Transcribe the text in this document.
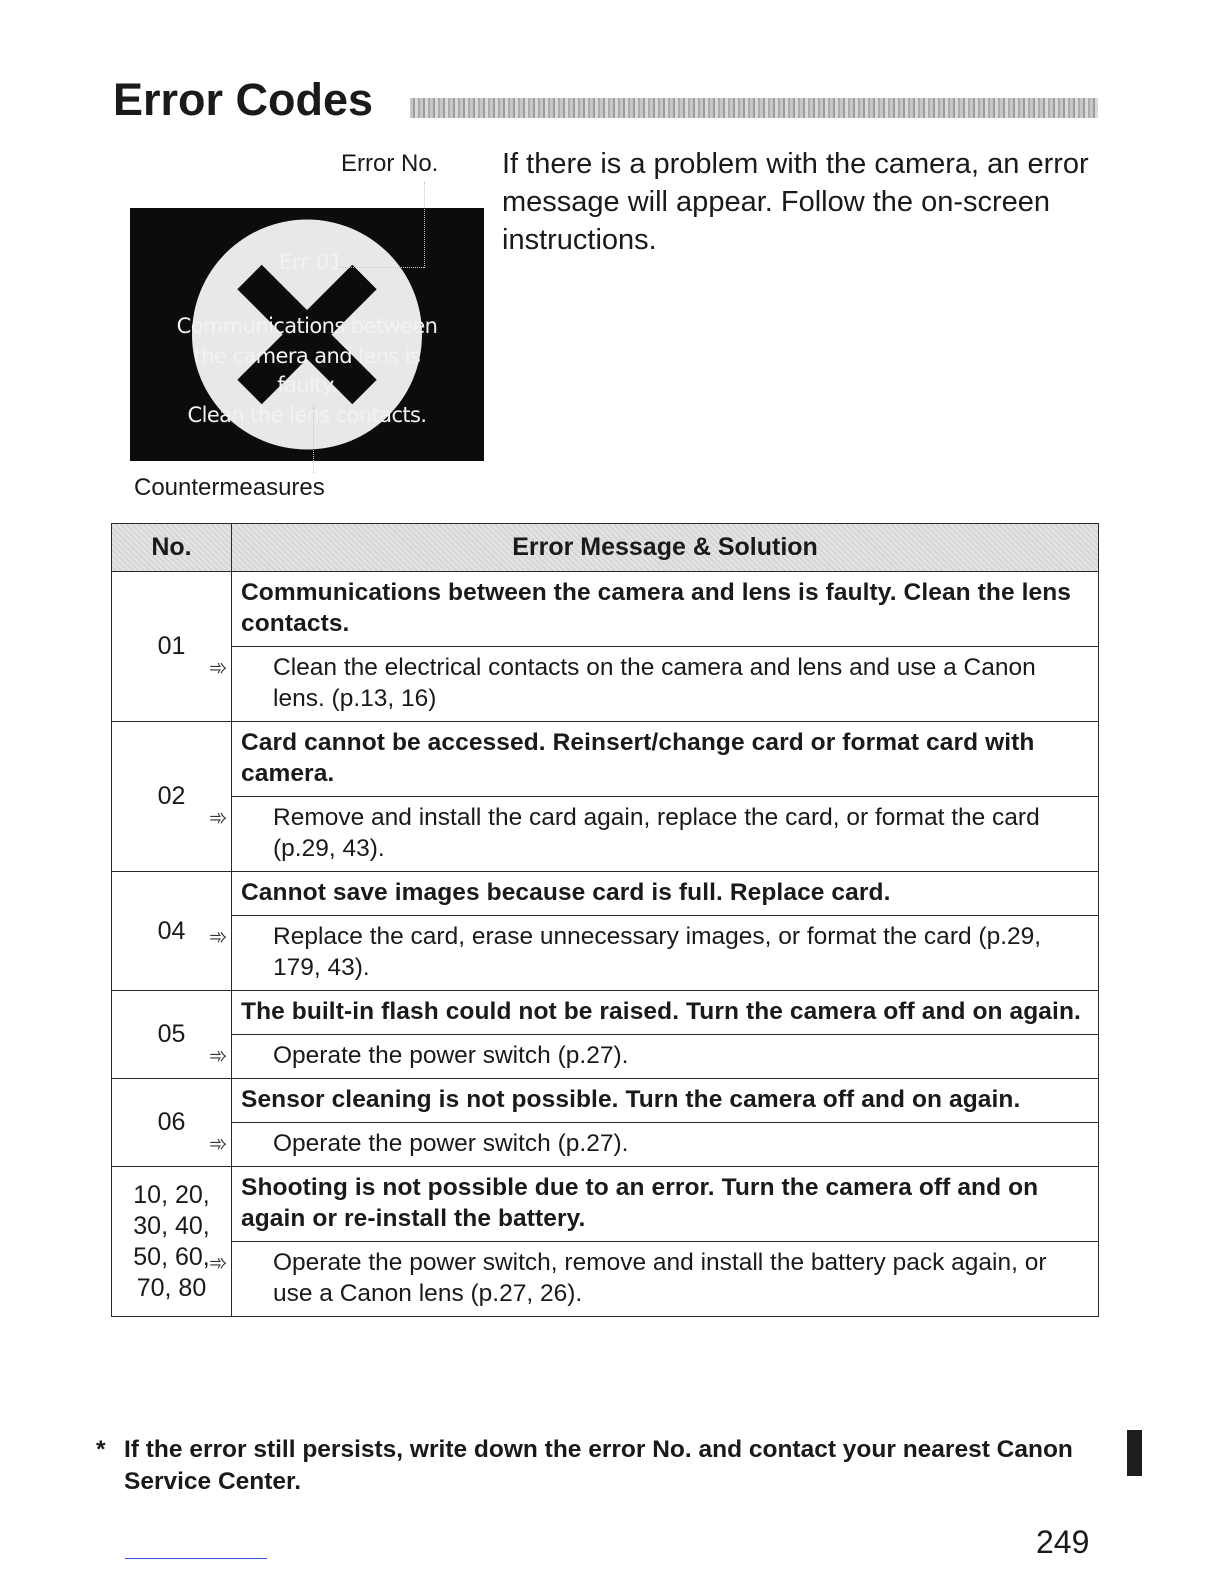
Error Codes
Error No.
Err 01
Communications between
the camera and lens is
faulty.
Clean the lens contacts.
Countermeasures

If there is a problem with the camera, an error message will appear. Follow the on-screen instructions.

No.	Error Message & Solution
01	Communications between the camera and lens is faulty. Clean the lens contacts.

	➾ Clean the electrical contacts on the camera and lens and use a Canon lens. (p.13, 16)

02	Card cannot be accessed. Reinsert/change card or format card with camera.

	➾ Remove and install the card again, replace the card, or format the card (p.29, 43).

04	Cannot save images because card is full. Replace card.

	➾ Replace the card, erase unnecessary images, or format the card (p.29, 179, 43).

05	The built-in flash could not be raised. Turn the camera off and on again.

	➾ Operate the power switch (p.27).

06	Sensor cleaning is not possible. Turn the camera off and on again.

	➾ Operate the power switch (p.27).

10, 20,
30, 40,
50, 60,
70, 80	Shooting is not possible due to an error. Turn the camera off and on again or re-install the battery.

	➾ Operate the power switch, remove and install the battery pack again, or use a Canon lens (p.27, 26).
* If the error still persists, write down the error No. and contact your nearest Canon Service Center.
249
